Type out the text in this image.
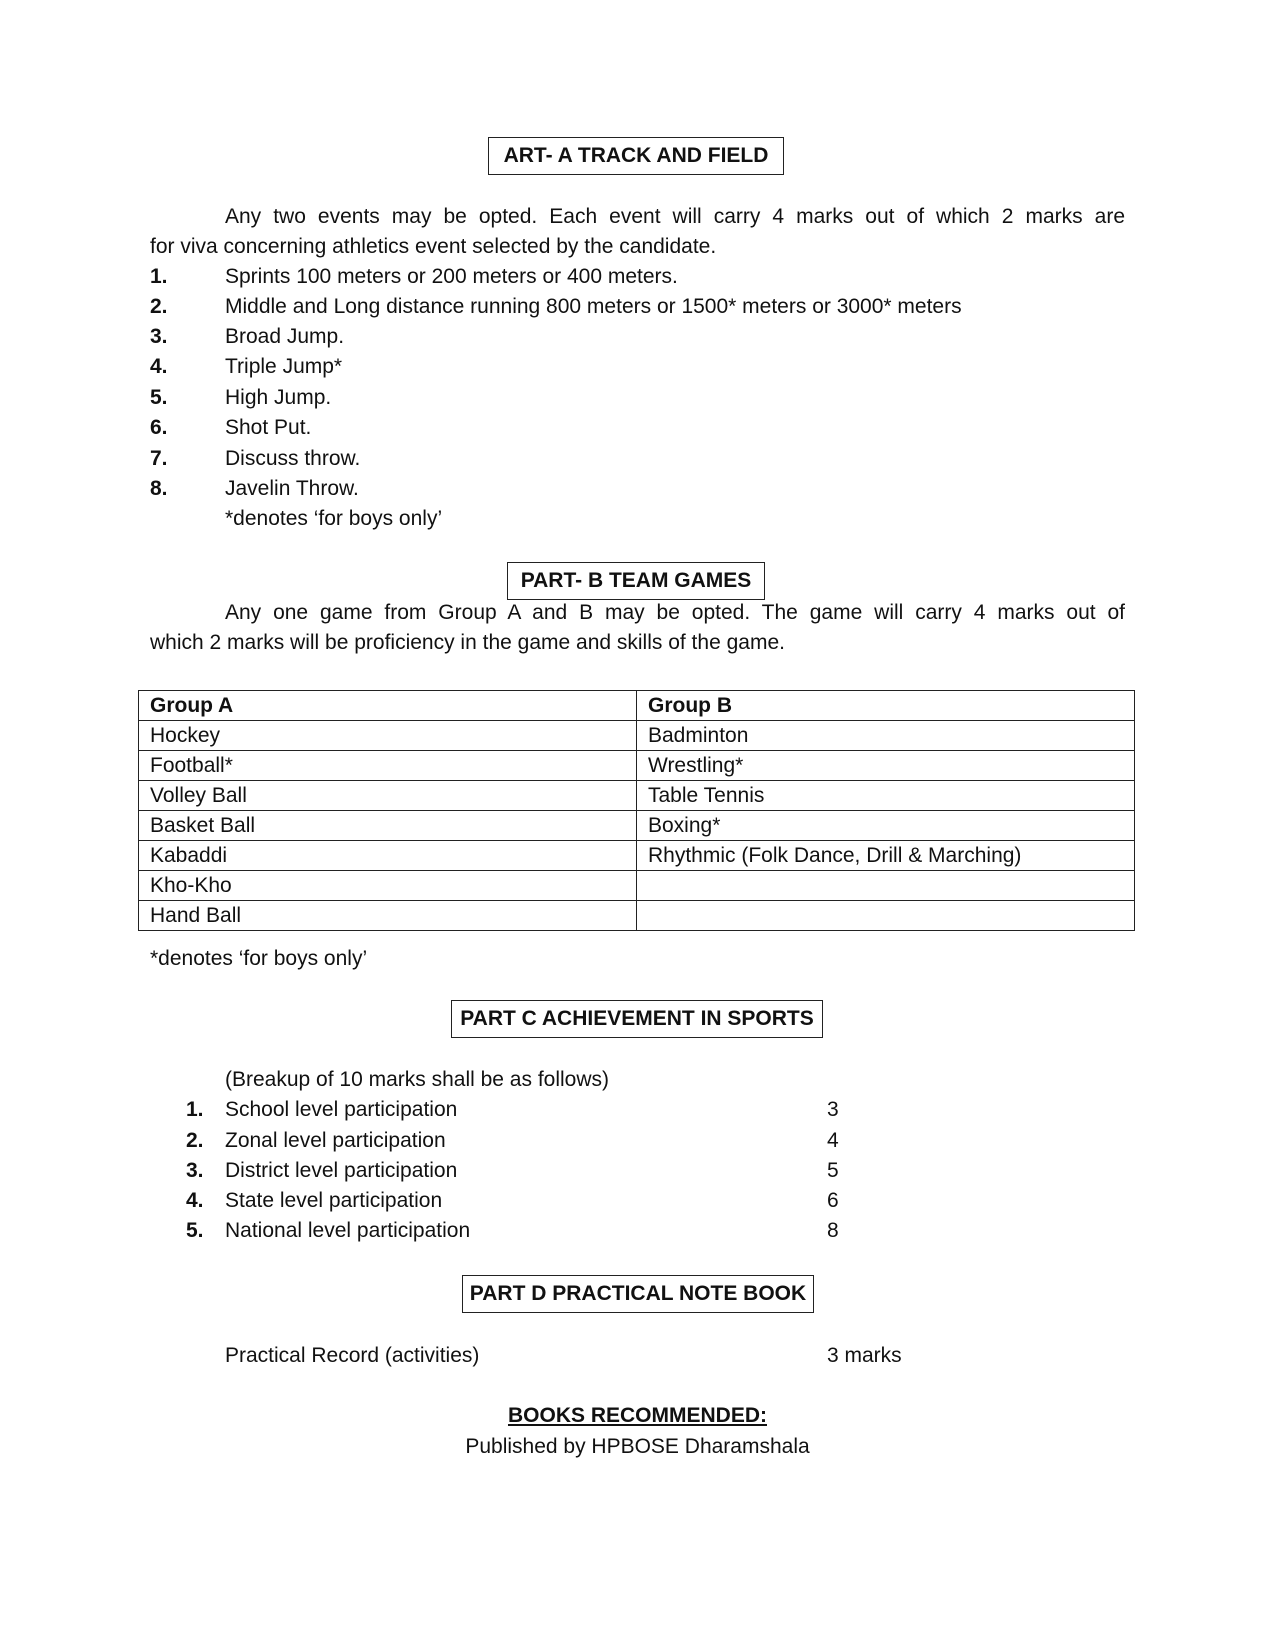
ART- A TRACK AND FIELD
Any two events may be opted. Each event will carry 4 marks out of which 2 marks are
for viva concerning athletics event selected by the candidate.
1.	Sprints 100 meters or 200 meters or 400 meters.
2.	Middle and Long distance running 800 meters or 1500* meters or 3000* meters
3.	Broad Jump.
4.	Triple Jump*
5.	High Jump.
6.	Shot Put.
7.	Discuss throw.
8.	Javelin Throw.
*denotes ‘for boys only’
PART- B TEAM GAMES
Any one game from Group A and B may be opted. The game will carry 4 marks out of
which 2 marks will be proficiency in the game and skills of the game.
Group A	Group B
Hockey	Badminton
Football*	Wrestling*
Volley Ball	Table Tennis
Basket Ball	Boxing*
Kabaddi	Rhythmic (Folk Dance, Drill & Marching)
Kho-Kho	
Hand Ball	
*denotes ‘for boys only’
PART C ACHIEVEMENT IN SPORTS
(Breakup of 10 marks shall be as follows)
1. School level participation	3
2. Zonal level participation	4
3. District level participation	5
4. State level participation	6
5. National level participation	8
PART D PRACTICAL NOTE BOOK
Practical Record (activities)	3 marks
BOOKS RECOMMENDED:
Published by HPBOSE Dharamshala
